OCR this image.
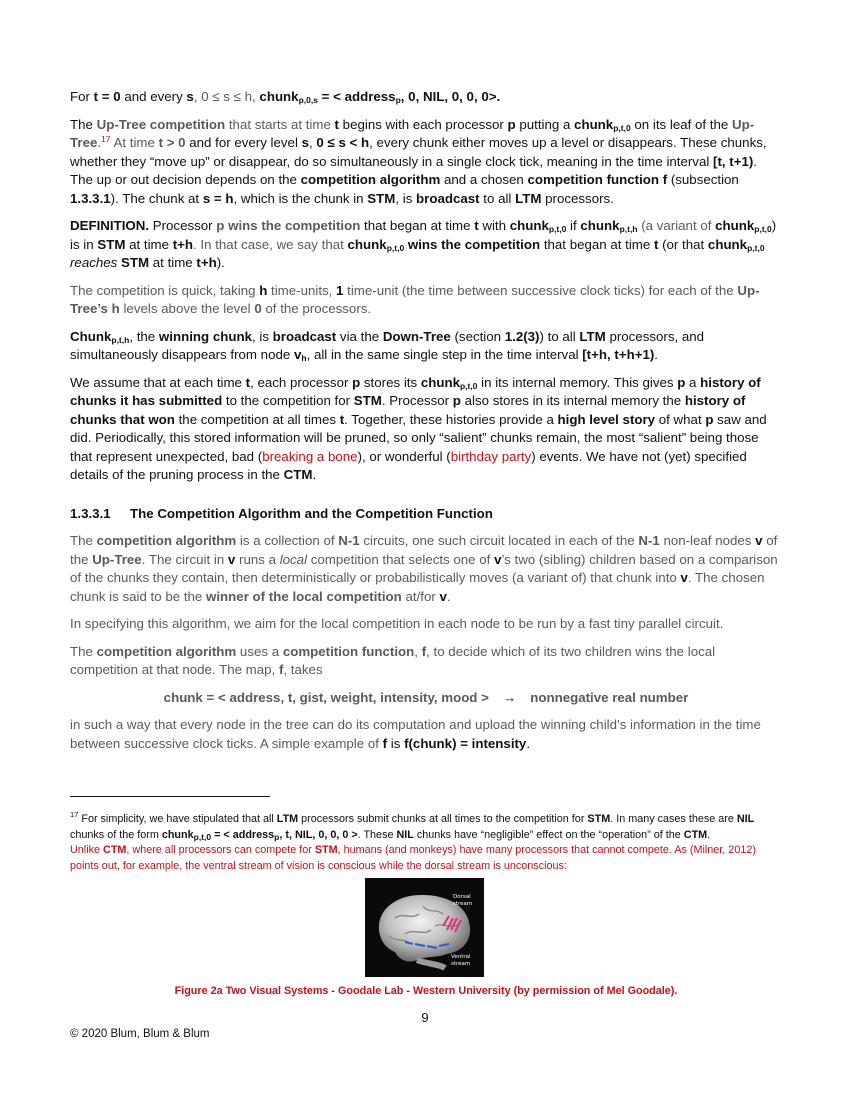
For t = 0 and every s, 0 ≤ s ≤ h, chunk$_{p,0,s}$ = < address$_p$, 0, NIL, 0, 0, 0>.

The Up-Tree competition that starts at time t begins with each processor p putting a chunk$_{p,t,0}$ on its leaf of the Up-Tree.$^{17}$ At time t > 0 and for every level s, 0 ≤ s < h, every chunk either moves up a level or disappears. These chunks, whether they “move up” or disappear, do so simultaneously in a single clock tick, meaning in the time interval [t, t+1). The up or out decision depends on the competition algorithm and a chosen competition function f (subsection 1.3.3.1). The chunk at s = h, which is the chunk in STM, is broadcast to all LTM processors.

DEFINITION. Processor p wins the competition that began at time t with chunk$_{p,t,0}$ if chunk$_{p,t,h}$ (a variant of chunk$_{p,t,0}$) is in STM at time t+h. In that case, we say that chunk$_{p,t,0}$ wins the competition that began at time t (or that chunk$_{p,t,0}$ reaches STM at time t+h).

The competition is quick, taking h time-units, 1 time-unit (the time between successive clock ticks) for each of the Up-Tree’s h levels above the level 0 of the processors.

Chunk$_{p,t,h}$, the winning chunk, is broadcast via the Down-Tree (section 1.2(3)) to all LTM processors, and simultaneously disappears from node $v_h$, all in the same single step in the time interval [t+h, t+h+1).

We assume that at each time t, each processor p stores its chunk$_{p,t,0}$ in its internal memory. This gives p a history of chunks it has submitted to the competition for STM. Processor p also stores in its internal memory the history of chunks that won the competition at all times t. Together, these histories provide a high level story of what p saw and did. Periodically, this stored information will be pruned, so only “salient” chunks remain, the most “salient” being those that represent unexpected, bad (breaking a bone), or wonderful (birthday party) events. We have not (yet) specified details of the pruning process in the CTM.

1.3.3.1 The Competition Algorithm and the Competition Function

The competition algorithm is a collection of N-1 circuits, one such circuit located in each of the N-1 non-leaf nodes v of the Up-Tree. The circuit in v runs a local competition that selects one of v’s two (sibling) children based on a comparison of the chunks they contain, then deterministically or probabilistically moves (a variant of) that chunk into v. The chosen chunk is said to be the winner of the local competition at/for v.

In specifying this algorithm, we aim for the local competition in each node to be run by a fast tiny parallel circuit.

The competition algorithm uses a competition function, f, to decide which of its two children wins the local competition at that node. The map, f, takes

chunk = < address, t, gist, weight, intensity, mood > → nonnegative real number

in such a way that every node in the tree can do its computation and upload the winning child’s information in the time between successive clock ticks. A simple example of f is f(chunk) = intensity.

$^{17}$ For simplicity, we have stipulated that all LTM processors submit chunks at all times to the competition for STM. In many cases these are NIL chunks of the form chunk$_{p,t,0}$ = < address$_p$, t, NIL, 0, 0, 0 >. These NIL chunks have “negligible” effect on the “operation” of the CTM.
Unlike CTM, where all processors can compete for STM, humans (and monkeys) have many processors that cannot compete. As (Milner, 2012) points out, for example, the ventral stream of vision is conscious while the dorsal stream is unconscious:
Dorsal
stream
Ventral
stream
Figure 2a Two Visual Systems - Goodale Lab - Western University (by permission of Mel Goodale).
9
© 2020 Blum, Blum & Blum
